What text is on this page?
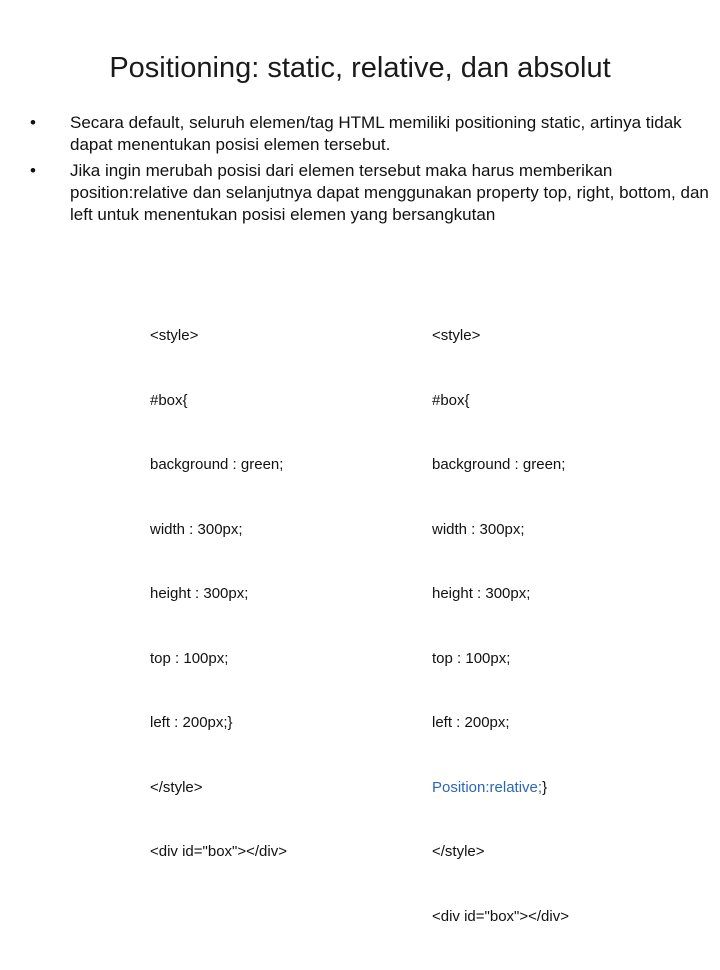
Positioning: static, relative, dan absolut
•	Secara default, seluruh elemen/tag HTML memiliki positioning static, artinya tidak dapat menentukan posisi elemen tersebut.
•	Jika ingin merubah posisi dari elemen tersebut maka harus memberikan position:relative dan selanjutnya dapat menggunakan property top, right, bottom, dan left untuk menentukan posisi elemen yang bersangkutan

<style>

#box{

background : green;

width : 300px;

height : 300px;

top : 100px;

left : 200px;}

</style>

<div id="box"></div>

<style>

#box{

background : green;

width : 300px;

height : 300px;

top : 100px;

left : 200px;

Position:relative;}

</style>

<div id="box"></div>
